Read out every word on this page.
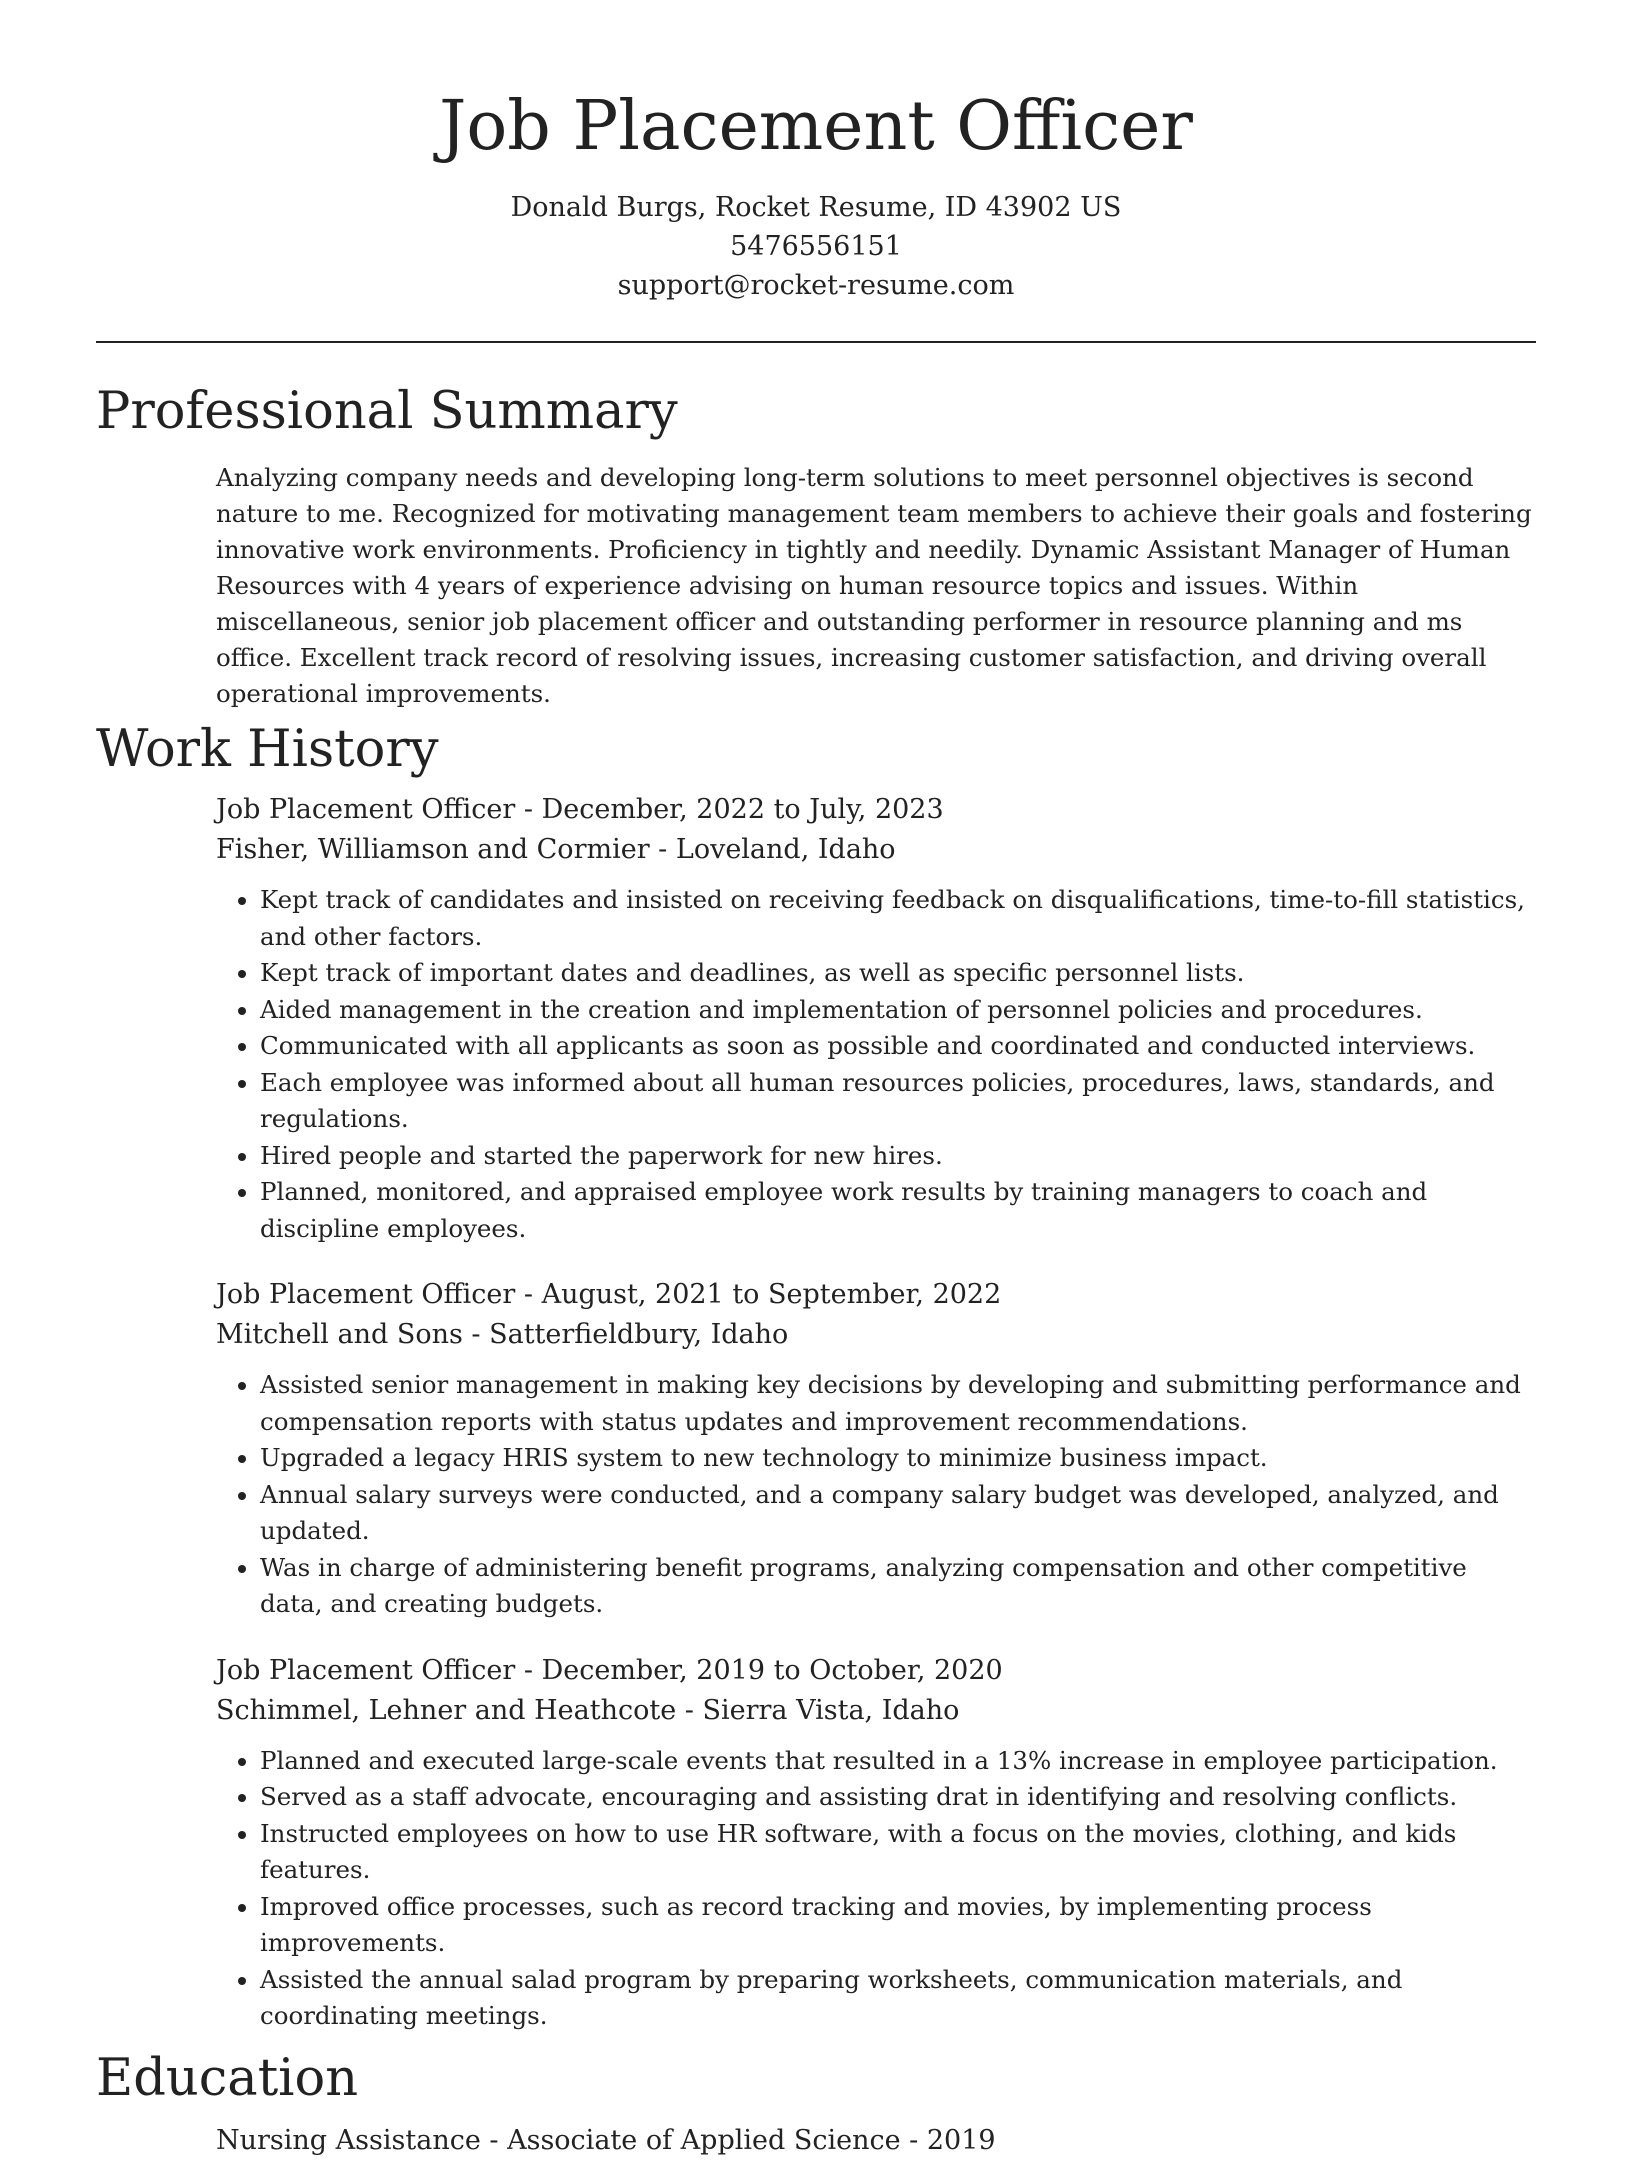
Job Placement Officer
Donald Burgs, Rocket Resume, ID 43902 US
5476556151
support@rocket-resume.com
Professional Summary

Analyzing company needs and developing long-term solutions to meet personnel objectives is second nature to me. Recognized for motivating management team members to achieve their goals and fostering innovative work environments. Proficiency in tightly and needily. Dynamic Assistant Manager of Human Resources with 4 years of experience advising on human resource topics and issues. Within miscellaneous, senior job placement officer and outstanding performer in resource planning and ms office. Excellent track record of resolving issues, increasing customer satisfaction, and driving overall operational improvements.

Work History
Job Placement Officer - December, 2022 to July, 2023
Fisher, Williamson and Cormier - Loveland, Idaho
• Kept track of candidates and insisted on receiving feedback on disqualifications, time-to-fill statistics, and other factors.
• Kept track of important dates and deadlines, as well as specific personnel lists.
• Aided management in the creation and implementation of personnel policies and procedures.
• Communicated with all applicants as soon as possible and coordinated and conducted interviews.
• Each employee was informed about all human resources policies, procedures, laws, standards, and regulations.
• Hired people and started the paperwork for new hires.
• Planned, monitored, and appraised employee work results by training managers to coach and discipline employees.
Job Placement Officer - August, 2021 to September, 2022
Mitchell and Sons - Satterfieldbury, Idaho
• Assisted senior management in making key decisions by developing and submitting performance and compensation reports with status updates and improvement recommendations.
• Upgraded a legacy HRIS system to new technology to minimize business impact.
• Annual salary surveys were conducted, and a company salary budget was developed, analyzed, and updated.
• Was in charge of administering benefit programs, analyzing compensation and other competitive data, and creating budgets.
Job Placement Officer - December, 2019 to October, 2020
Schimmel, Lehner and Heathcote - Sierra Vista, Idaho
• Planned and executed large-scale events that resulted in a 13% increase in employee participation.
• Served as a staff advocate, encouraging and assisting drat in identifying and resolving conflicts.
• Instructed employees on how to use HR software, with a focus on the movies, clothing, and kids features.
• Improved office processes, such as record tracking and movies, by implementing process improvements.
• Assisted the annual salad program by preparing worksheets, communication materials, and coordinating meetings.
Education
Nursing Assistance - Associate of Applied Science - 2019
